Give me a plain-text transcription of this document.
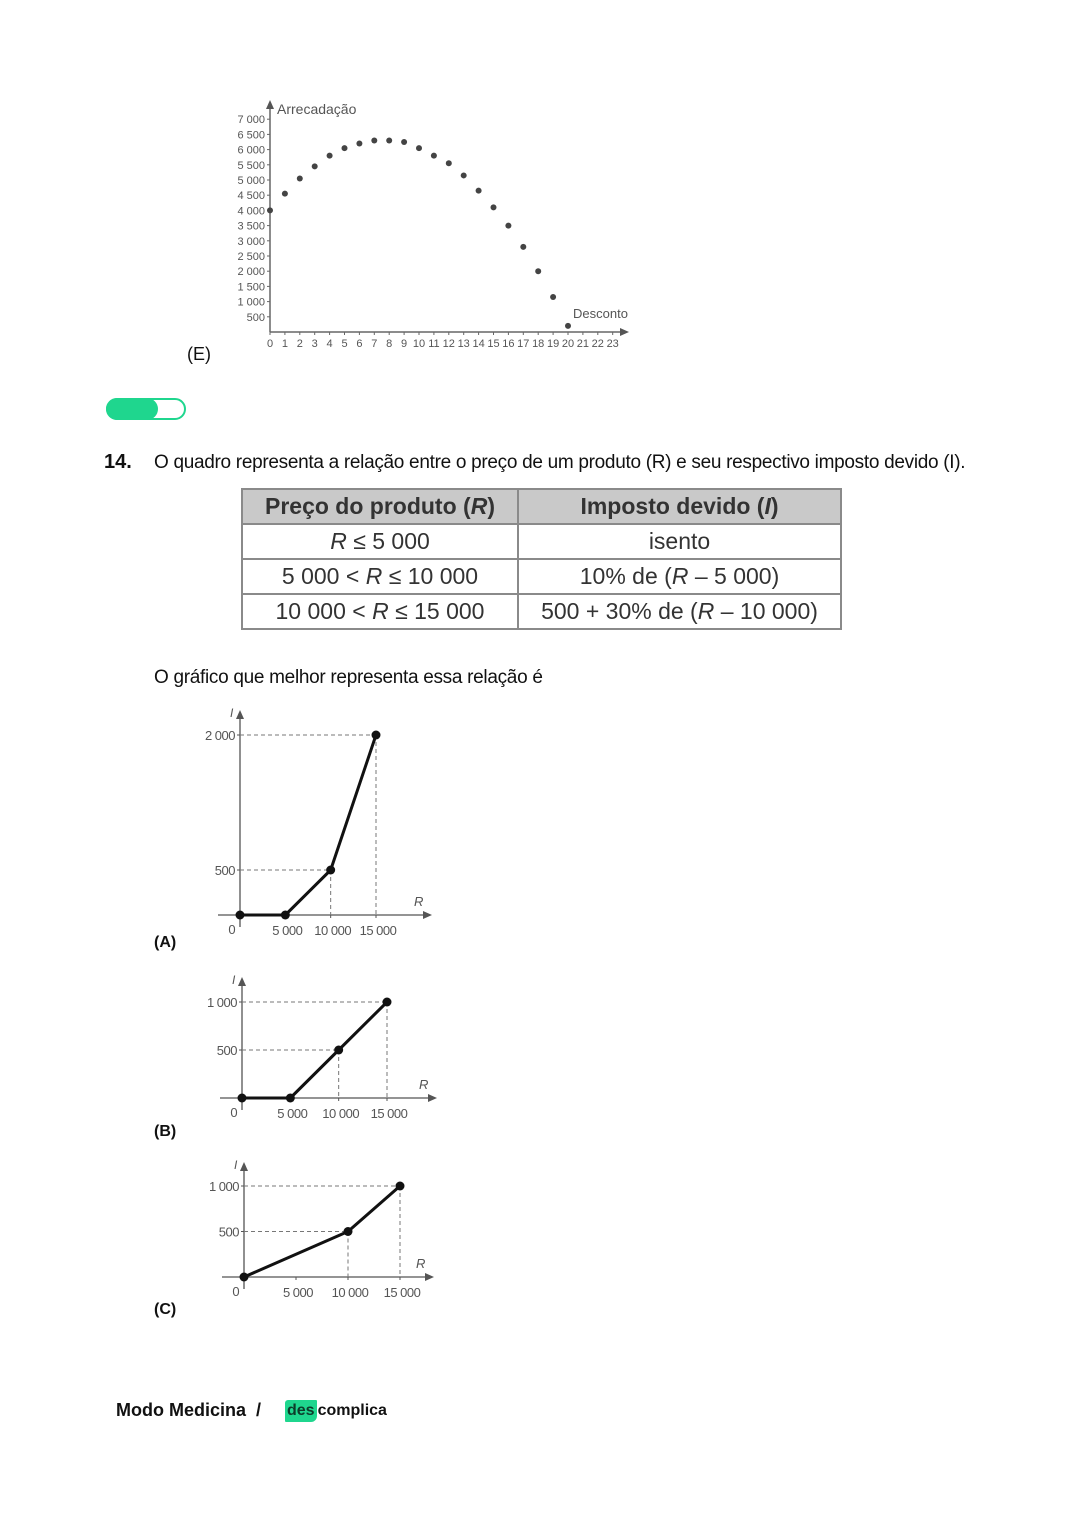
Arrecadação
Desconto
7 000
6 500
6 000
5 500
5 000
4 500
4 000
3 500
3 000
2 500
2 000
1 500
1 000
500
0 1 2 3 4 5 6 7 8 9 10 11 12 13 14 15 16 17 18 19 20 21 22 23
(E)
14. O quadro representa a relação entre o preço de um produto (R) e seu respectivo imposto devido (I).
Preço do produto (R)	Imposto devido (I)
R ≤ 5 000	isento
5 000 < R ≤ 10 000	10% de (R – 5 000)
10 000 < R ≤ 15 000	500 + 30% de (R – 10 000)
O gráfico que melhor representa essa relação é
I
R
0	5 000 10 000 15 000
2 000
500
(A)
I
R
0	5 000 10 000 15 000
1 000
500
(B)
I
R
0	5 000 10 000 15 000
1 000
500
(C)
Modo Medicina  / des complica
